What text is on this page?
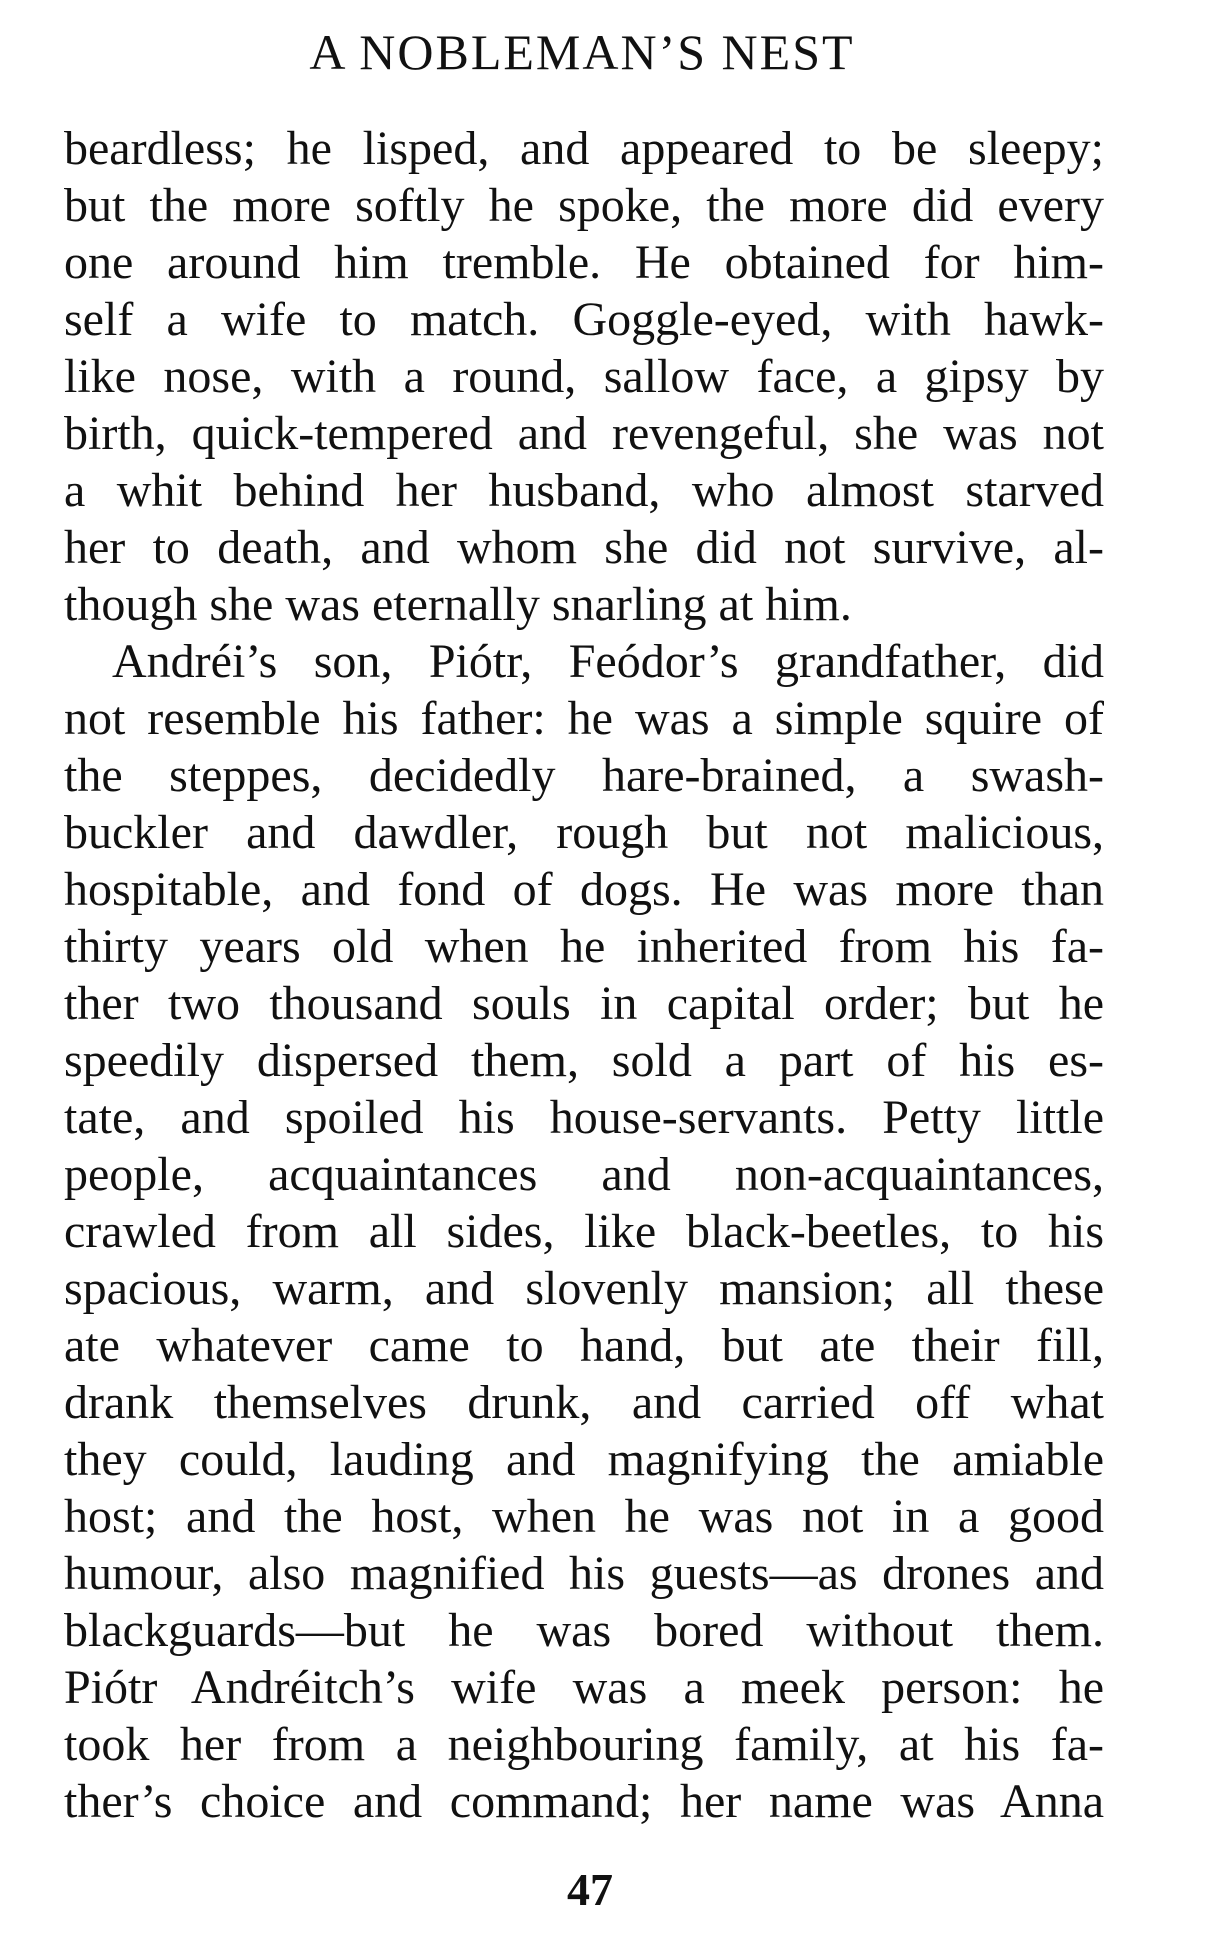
A NOBLEMAN’S NEST
beardless; he lisped, and appeared to be sleepy;
but the more softly he spoke, the more did every
one around him tremble. He obtained for him-
self a wife to match. Goggle-eyed, with hawk-
like nose, with a round, sallow face, a gipsy by
birth, quick-tempered and revengeful, she was not
a whit behind her husband, who almost starved
her to death, and whom she did not survive, al-
though she was eternally snarling at him.
Andréi’s son, Piótr, Feódor’s grandfather, did
not resemble his father: he was a simple squire of
the steppes, decidedly hare-brained, a swash-
buckler and dawdler, rough but not malicious,
hospitable, and fond of dogs. He was more than
thirty years old when he inherited from his fa-
ther two thousand souls in capital order; but he
speedily dispersed them, sold a part of his es-
tate, and spoiled his house-servants. Petty little
people, acquaintances and non-acquaintances,
crawled from all sides, like black-beetles, to his
spacious, warm, and slovenly mansion; all these
ate whatever came to hand, but ate their fill,
drank themselves drunk, and carried off what
they could, lauding and magnifying the amiable
host; and the host, when he was not in a good
humour, also magnified his guests—as drones and
blackguards—but he was bored without them.
Piótr Andréitch’s wife was a meek person: he
took her from a neighbouring family, at his fa-
ther’s choice and command; her name was Anna
47
